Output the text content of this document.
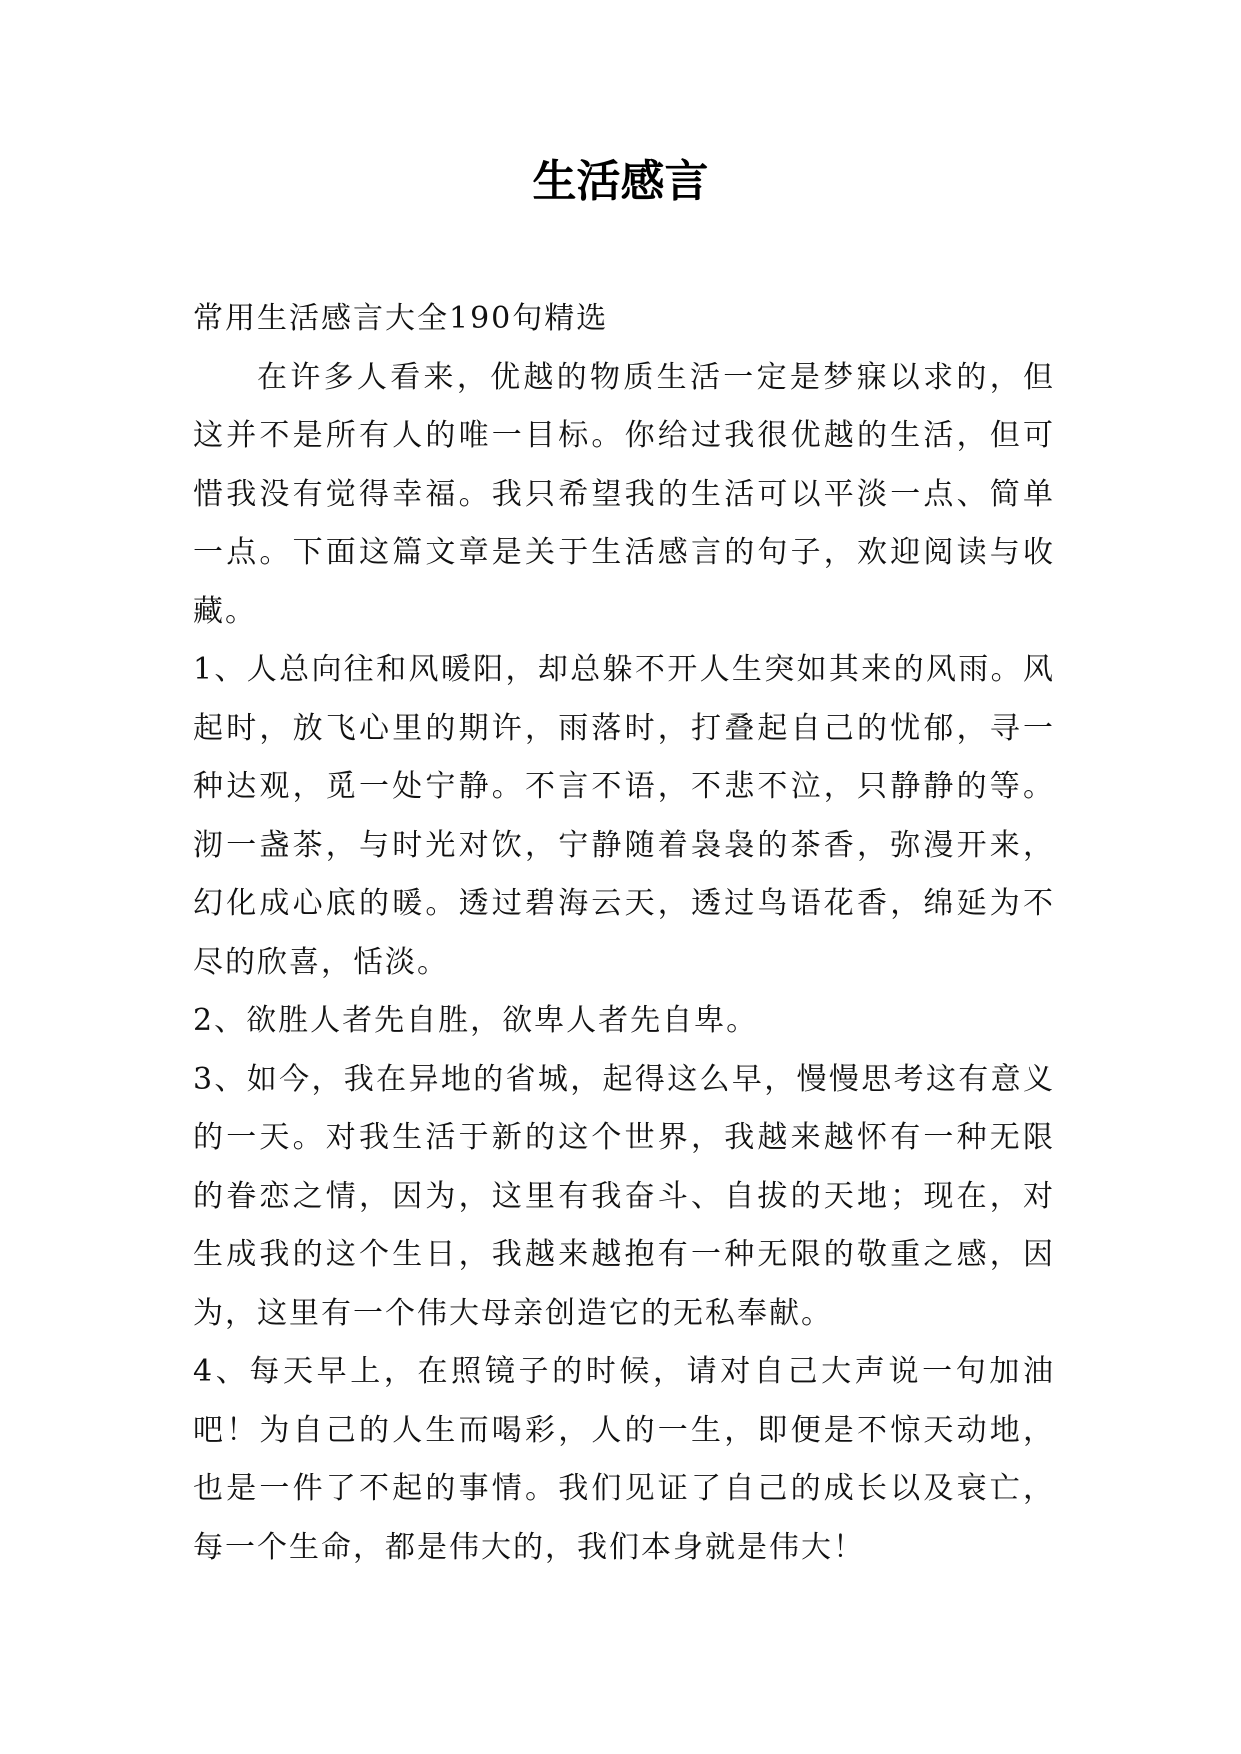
生活感言

常用生活感言大全190句精选

在许多人看来，优越的物质生活一定是梦寐以求的，但这并不是所有人的唯一目标。你给过我很优越的生活，但可惜我没有觉得幸福。我只希望我的生活可以平淡一点、简单一点。下面这篇文章是关于生活感言的句子，欢迎阅读与收藏。

1、人总向往和风暖阳，却总躲不开人生突如其来的风雨。风起时，放飞心里的期许，雨落时，打叠起自己的忧郁，寻一种达观，觅一处宁静。不言不语，不悲不泣，只静静的等。沏一盏茶，与时光对饮，宁静随着袅袅的茶香，弥漫开来，幻化成心底的暖。透过碧海云天，透过鸟语花香，绵延为不尽的欣喜，恬淡。

2、欲胜人者先自胜，欲卑人者先自卑。

3、如今，我在异地的省城，起得这么早，慢慢思考这有意义的一天。对我生活于新的这个世界，我越来越怀有一种无限的眷恋之情，因为，这里有我奋斗、自拔的天地；现在，对生成我的这个生日，我越来越抱有一种无限的敬重之感，因为，这里有一个伟大母亲创造它的无私奉献。

4、每天早上，在照镜子的时候，请对自己大声说一句加油吧！为自己的人生而喝彩，人的一生，即便是不惊天动地，也是一件了不起的事情。我们见证了自己的成长以及衰亡，每一个生命，都是伟大的，我们本身就是伟大！
